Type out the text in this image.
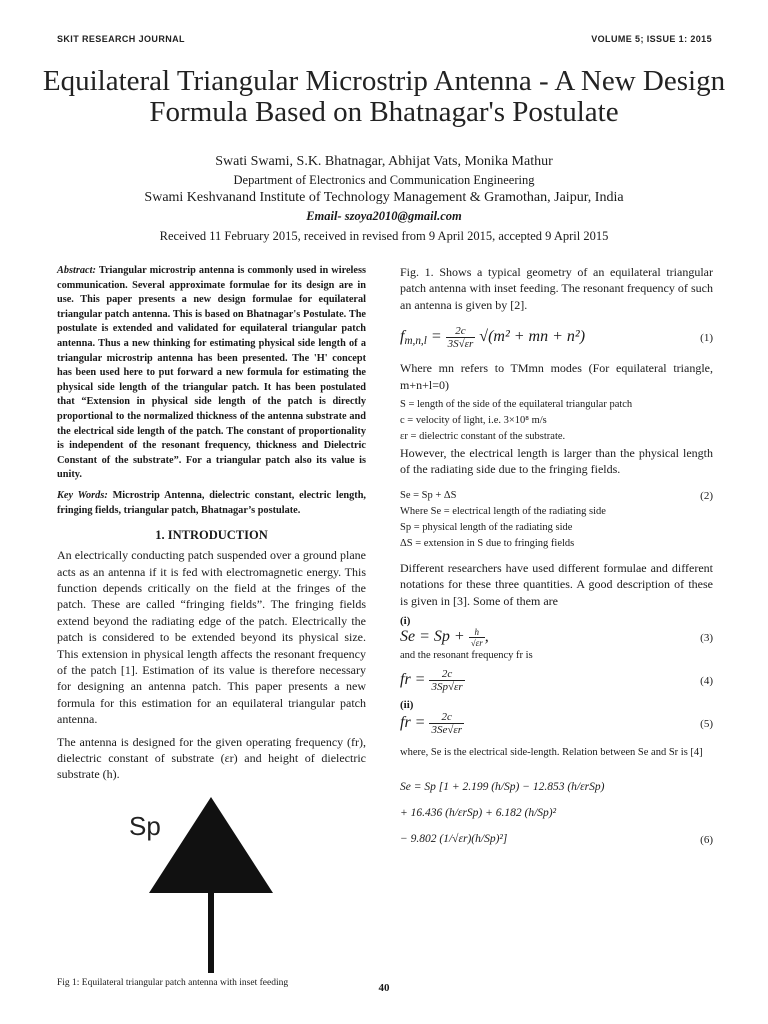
SKIT RESEARCH JOURNAL	VOLUME 5; ISSUE 1: 2015
Equilateral Triangular Microstrip Antenna - A New Design Formula Based on Bhatnagar's Postulate
Swati Swami, S.K. Bhatnagar, Abhijat Vats, Monika Mathur
Department of Electronics and Communication Engineering
Swami Keshvanand Institute of Technology Management & Gramothan, Jaipur, India
Email- szoya2010@gmail.com
Received 11 February 2015, received in revised from 9 April 2015, accepted 9 April 2015

Abstract: Triangular microstrip antenna is commonly used in wireless communication. Several approximate formulae for its design are in use. This paper presents a new design formulae for equilateral triangular patch antenna. This is based on Bhatnagar's Postulate. The postulate is extended and validated for equilateral triangular patch antenna. Thus a new thinking for estimating physical side length of a triangular microstrip antenna has been presented. The 'H' concept has been used here to put forward a new formula for estimating the physical side length of the triangular patch. It has been postulated that “Extension in physical side length of the patch is directly proportional to the normalized thickness of the antenna substrate and the electrical side length of the patch. The constant of proportionality is independent of the resonant frequency, thickness and Dielectric Constant of the substrate”. For a triangular patch also its value is unity.

Key Words: Microstrip Antenna, dielectric constant, electric length, fringing fields, triangular patch, Bhatnagar’s postulate.

1. INTRODUCTION

An electrically conducting patch suspended over a ground plane acts as an antenna if it is fed with electromagnetic energy. This function depends critically on the field at the fringes of the patch. These are called “fringing fields”. The fringing fields extend beyond the radiating edge of the patch. Electrically the patch is considered to be extended beyond its physical size. This extension in physical length affects the resonant frequency of the patch [1]. Estimation of its value is therefore necessary for designing an antenna patch. This paper presents a new formula for this estimation for an equilateral triangular patch antenna.

The antenna is designed for the given operating frequency (fr), dielectric constant of substrate (εr) and height of dielectric substrate (h).

Sp
Fig 1: Equilateral triangular patch antenna with inset feeding

Fig. 1. Shows a typical geometry of an equilateral triangular patch antenna with inset feeding. The resonant frequency of such an antenna is given by [2].

$f_{m,n,l} = \frac{2c}{3S√\varepsilon r} √(m^2$ + mn + n²)	(1)

Where mn refers to TMmn modes (For equilateral triangle, m+n+l=0)

S = length of the side of the equilateral triangular patch
c = velocity of light, i.e. 3×10⁸ m/s
εr = dielectric constant of the substrate.

However, the electrical length is larger than the physical length of the radiating side due to the fringing fields.

Se = Sp + ΔS	(2)
Where Se = electrical length of the radiating side
Sp = physical length of the radiating side
ΔS = extension in S due to fringing fields

Different researchers have used different formulae and different notations for these three quantities. A good description of these is given in [3]. Some of them are

(i)
$Se = Sp + \frac{h}{√\varepsilon r}$ ,	(3)
and the resonant frequency fr is
fr = $\frac{2c}{3Sp√\varepsilon r}$	(4)
(ii)
fr = $\frac{2c}{3Se√\varepsilon r}$	(5)
where, Se is the electrical side-length. Relation between Se and Sr is [4]
Se = Sp [1 + 2.199 (h/Sp) − 12.853 (h/εrSp)
+ 16.436 (h/εrSp) + 6.182 (h/Sp)²
− 9.802 (1/√εr)(h/Sp)²]	(6)
40
